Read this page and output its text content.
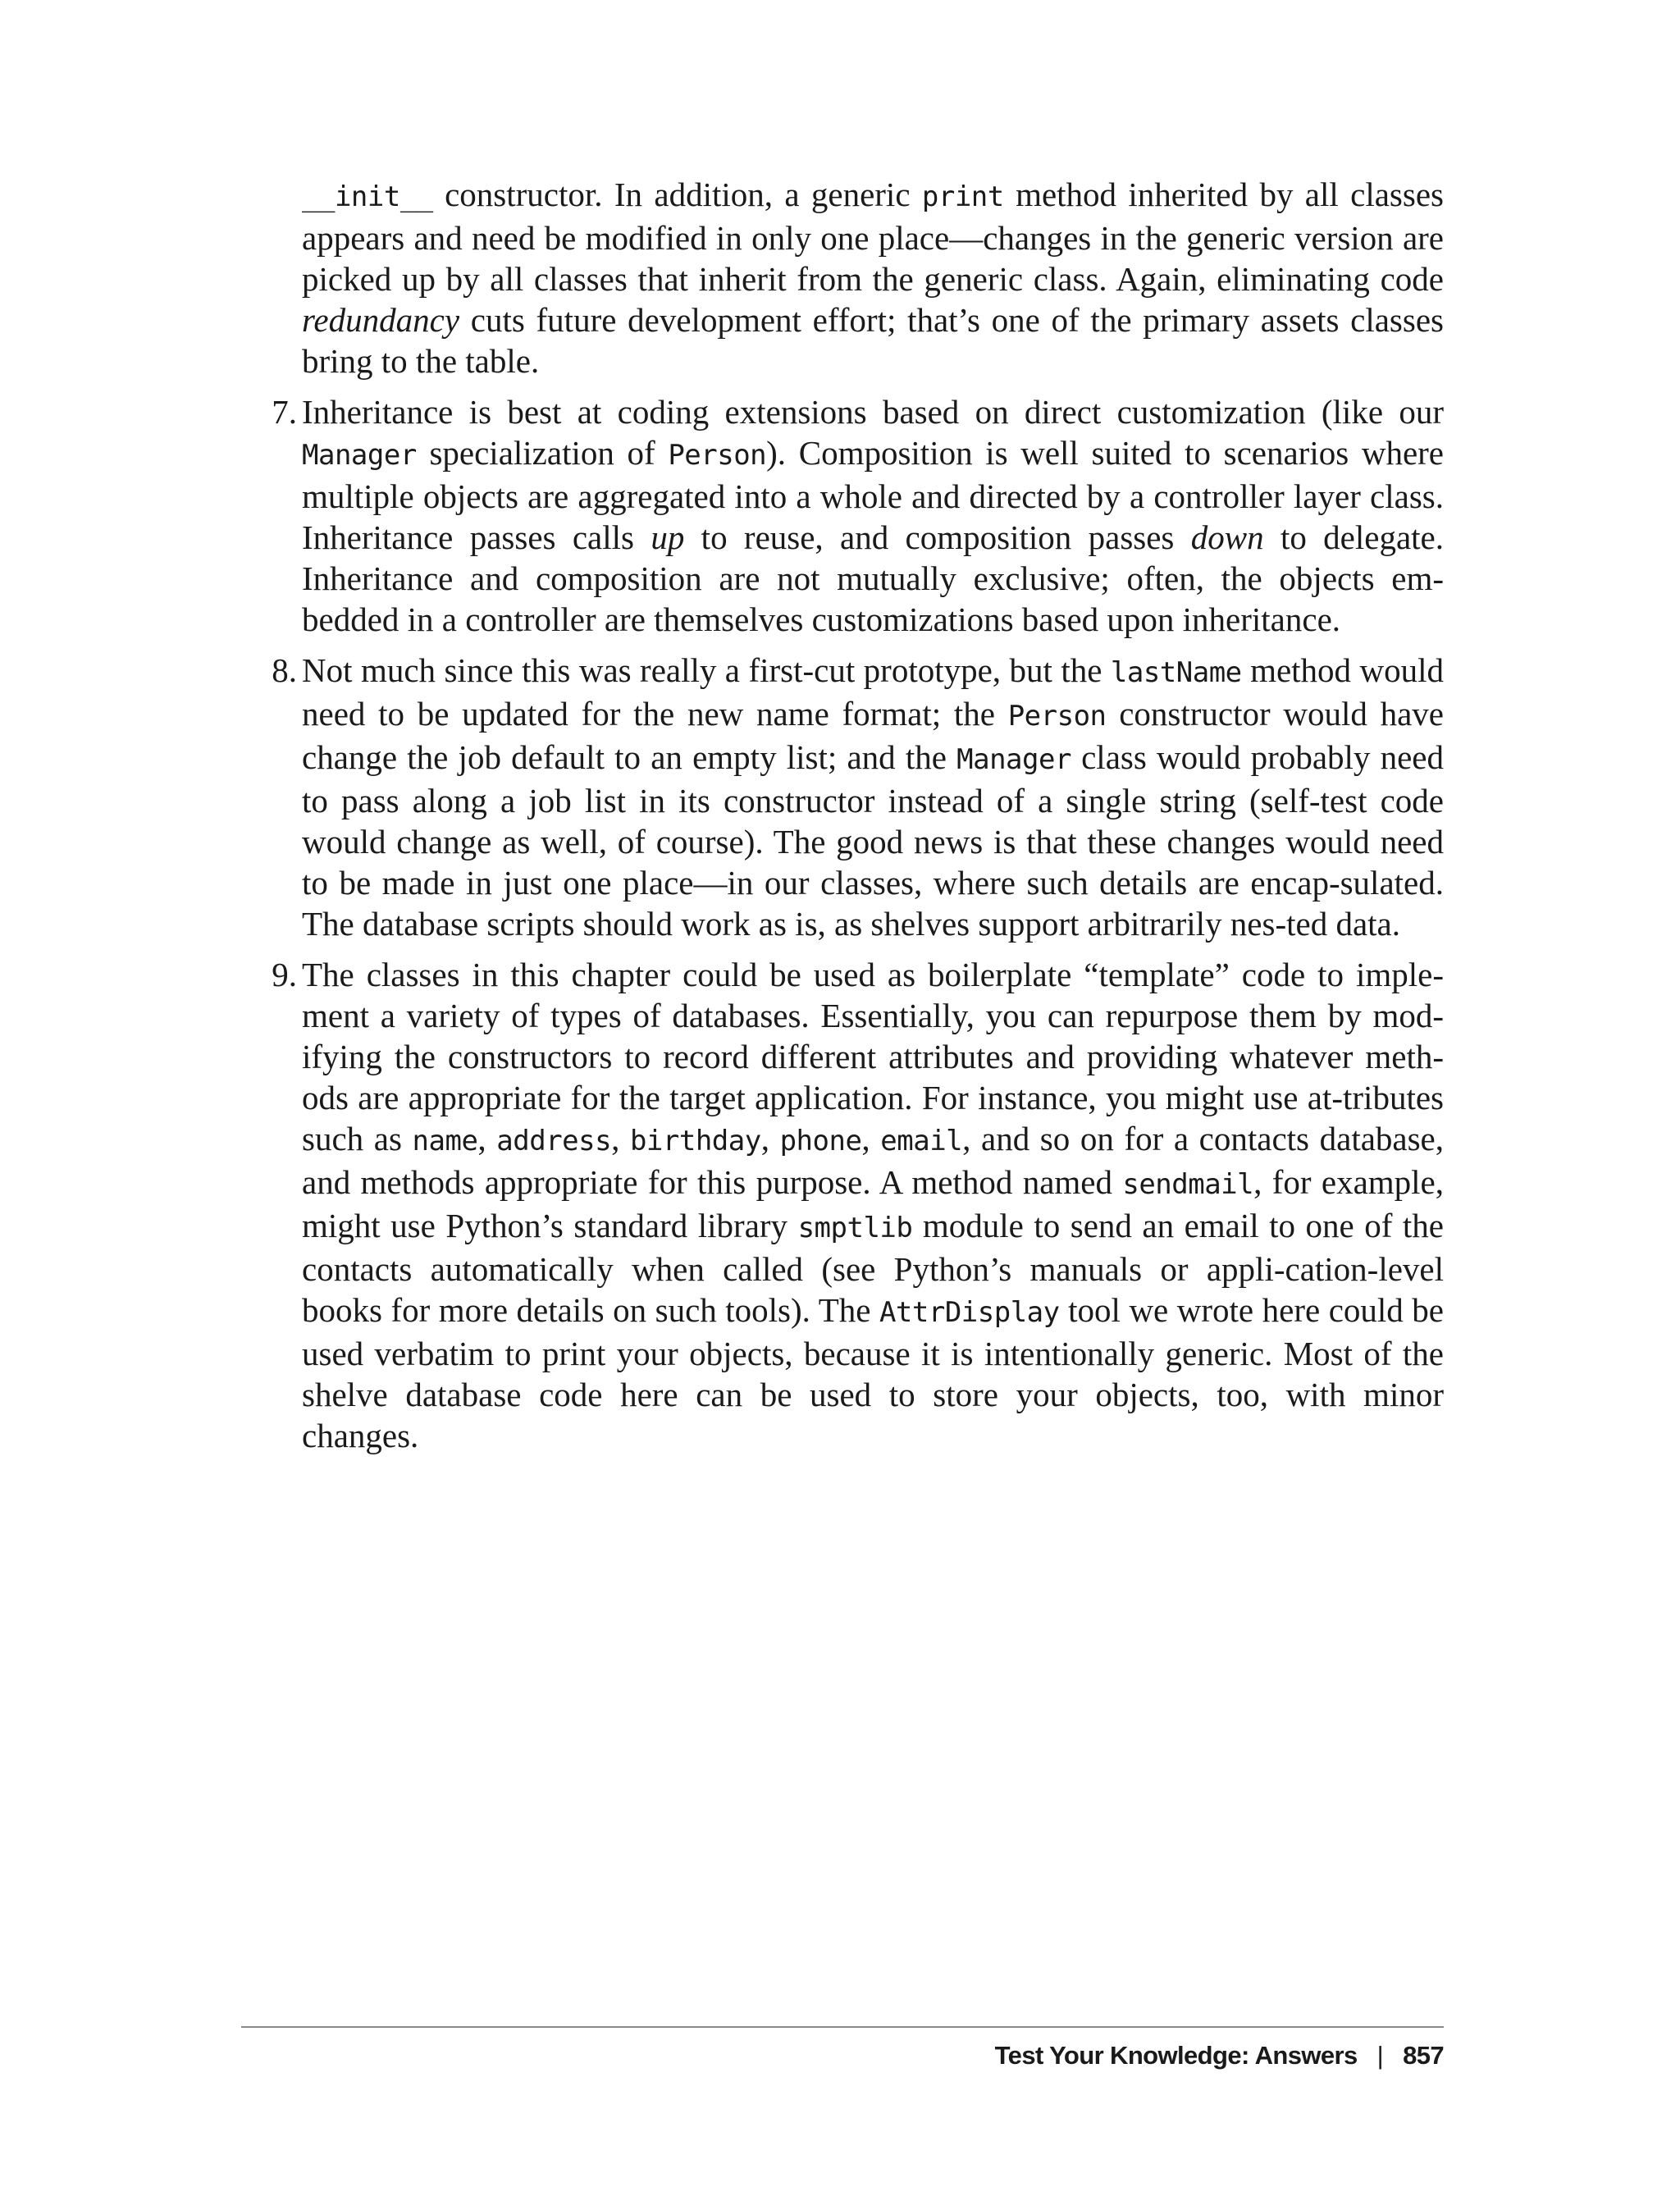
__init__ constructor. In addition, a generic print method inherited by all classes appears and need be modified in only one place—changes in the generic version are picked up by all classes that inherit from the generic class. Again, eliminating code redundancy cuts future development effort; that’s one of the primary assets classes bring to the table.

7. Inheritance is best at coding extensions based on direct customization (like our Manager specialization of Person). Composition is well suited to scenarios where multiple objects are aggregated into a whole and directed by a controller layer class. Inheritance passes calls up to reuse, and composition passes down to delegate. Inheritance and composition are not mutually exclusive; often, the objects em-bedded in a controller are themselves customizations based upon inheritance.
8. Not much since this was really a first-cut prototype, but the lastName method would need to be updated for the new name format; the Person constructor would have change the job default to an empty list; and the Manager class would probably need to pass along a job list in its constructor instead of a single string (self-test code would change as well, of course). The good news is that these changes would need to be made in just one place—in our classes, where such details are encap-sulated. The database scripts should work as is, as shelves support arbitrarily nes-ted data.
9. The classes in this chapter could be used as boilerplate “template” code to imple-ment a variety of types of databases. Essentially, you can repurpose them by mod-ifying the constructors to record different attributes and providing whatever meth-ods are appropriate for the target application. For instance, you might use at-tributes such as name, address, birthday, phone, email, and so on for a contacts database, and methods appropriate for this purpose. A method named sendmail, for example, might use Python’s standard library smptlib module to send an email to one of the contacts automatically when called (see Python’s manuals or appli-cation-level books for more details on such tools). The AttrDisplay tool we wrote here could be used verbatim to print your objects, because it is intentionally generic. Most of the shelve database code here can be used to store your objects, too, with minor changes.
Test Your Knowledge: Answers | 857
